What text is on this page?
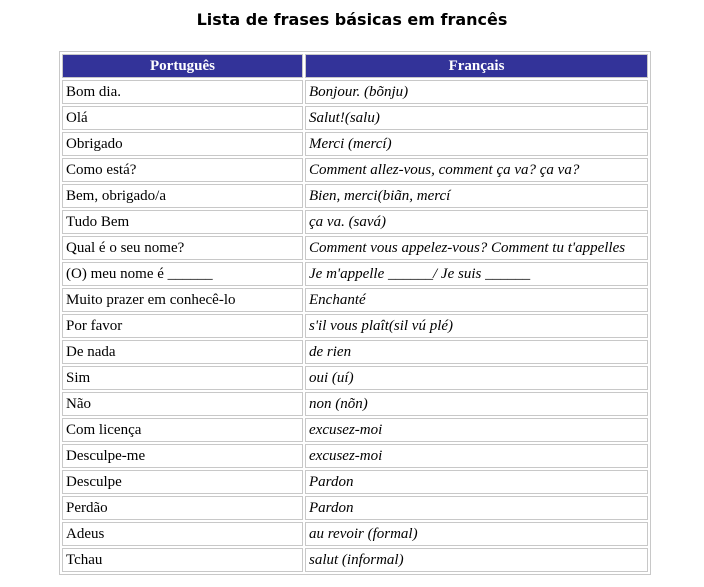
Lista de frases básicas em francês
Português	Français
Bom dia.	Bonjour. (bõnju)
Olá	Salut!(salu)
Obrigado	Merci (mercí)
Como está?	Comment allez-vous, comment ça va? ça va?
Bem, obrigado/a	Bien, merci(biãn, mercí
Tudo Bem	ça va. (savá)
Qual é o seu nome?	Comment vous appelez-vous? Comment tu t'appelles
(O) meu nome é ______	Je m'appelle ______/ Je suis ______
Muito prazer em conhecê-lo	Enchanté
Por favor	s'il vous plaît(sil vú plé)
De nada	de rien
Sim	oui (uí)
Não	non (nõn)
Com licença	excusez-moi
Desculpe-me	excusez-moi
Desculpe	Pardon
Perdão	Pardon
Adeus	au revoir (formal)
Tchau	salut (informal)
